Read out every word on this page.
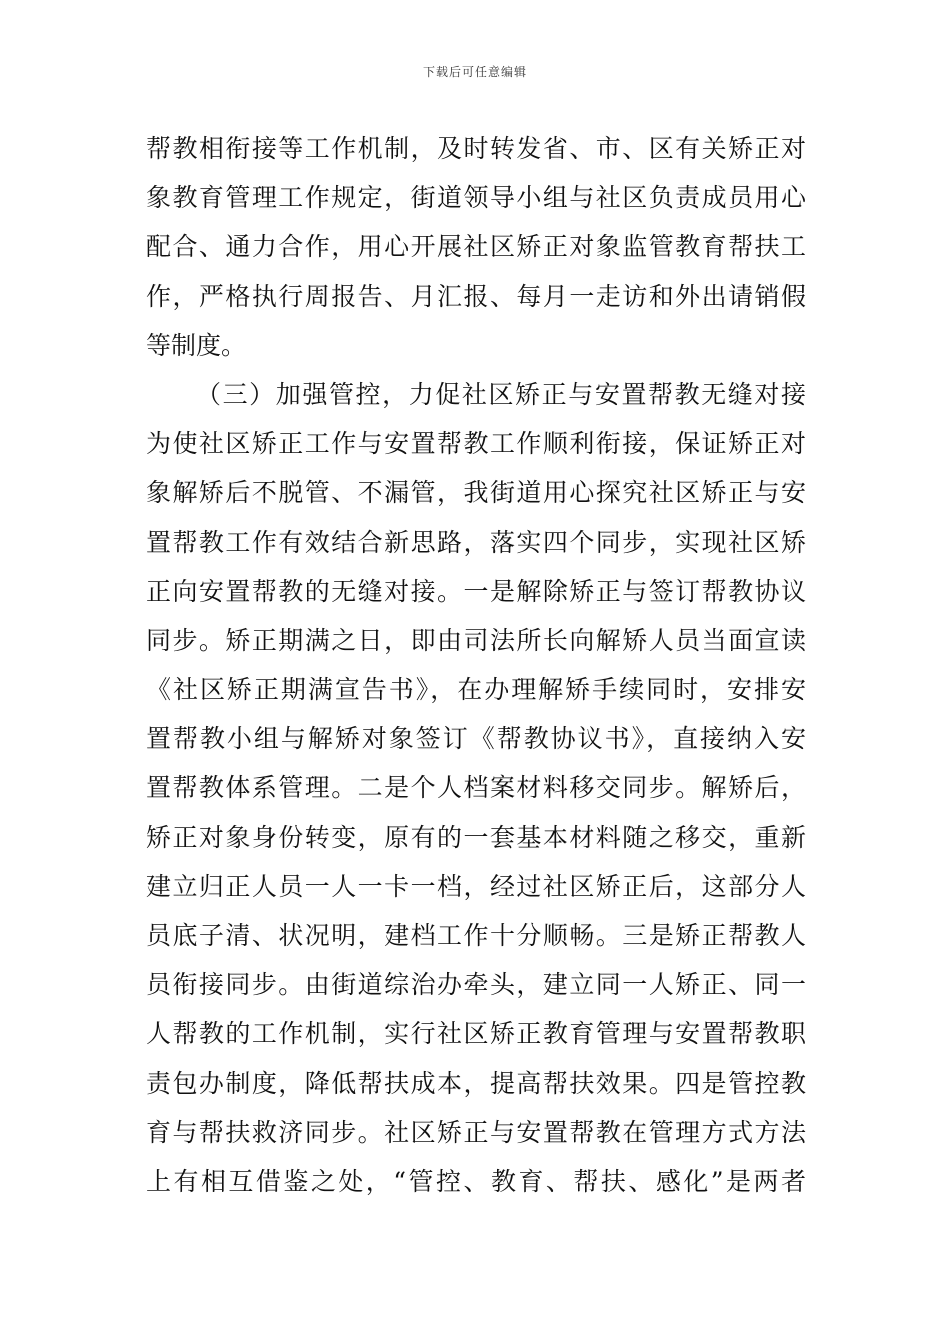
下载后可任意编辑
帮教相衔接等工作机制，及时转发省、市、区有关矫正对
象教育管理工作规定，街道领导小组与社区负责成员用心
配合、通力合作，用心开展社区矫正对象监管教育帮扶工
作，严格执行周报告、月汇报、每月一走访和外出请销假
等制度。
（三）加强管控，力促社区矫正与安置帮教无缝对接
为使社区矫正工作与安置帮教工作顺利衔接，保证矫正对
象解矫后不脱管、不漏管，我街道用心探究社区矫正与安
置帮教工作有效结合新思路，落实四个同步，实现社区矫
正向安置帮教的无缝对接。一是解除矫正与签订帮教协议
同步。矫正期满之日，即由司法所长向解矫人员当面宣读
《社区矫正期满宣告书》，在办理解矫手续同时，安排安
置帮教小组与解矫对象签订《帮教协议书》，直接纳入安
置帮教体系管理。二是个人档案材料移交同步。解矫后，
矫正对象身份转变，原有的一套基本材料随之移交，重新
建立归正人员一人一卡一档，经过社区矫正后，这部分人
员底子清、状况明，建档工作十分顺畅。三是矫正帮教人
员衔接同步。由街道综治办牵头，建立同一人矫正、同一
人帮教的工作机制，实行社区矫正教育管理与安置帮教职
责包办制度，降低帮扶成本，提高帮扶效果。四是管控教
育与帮扶救济同步。社区矫正与安置帮教在管理方式方法
上有相互借鉴之处，“管控、教育、帮扶、感化”是两者
